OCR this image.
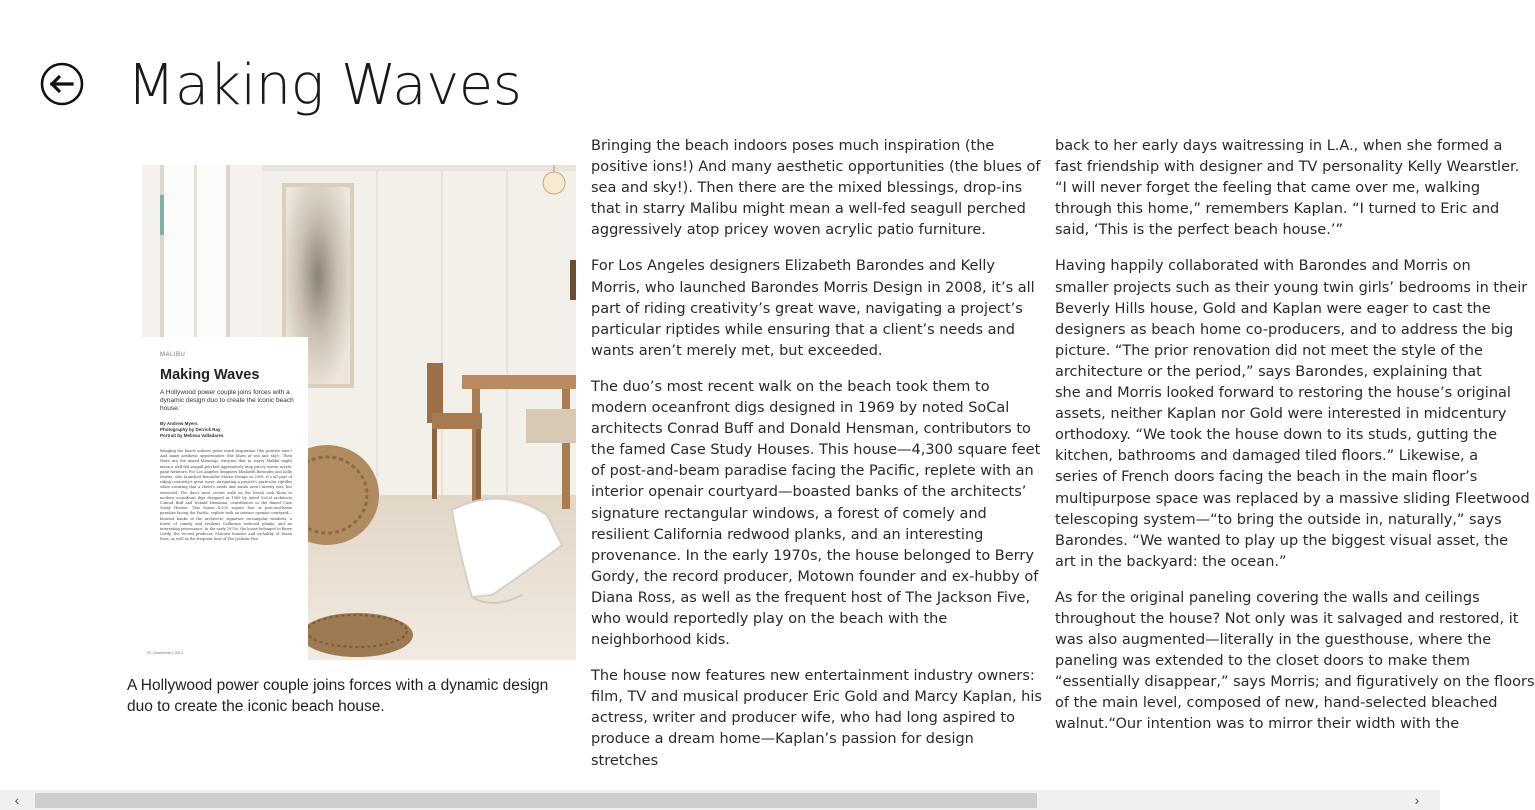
Making Waves
MALIBU
Making Waves
A Hollywood power couple joins forces with a dynamic design duo to create the iconic beach house.
By Andrew Myers
Photography by Derrick Ray
Portrait by Melissa Valladares
Bringing the beach indoors poses much inspiration (the positive ions!) And many aesthetic opportunities (the blues of sea and sky!). Then there are the mixed blessings, drop-ins that in starry Malibu might mean a well-fed seagull perched aggressively atop pricey woven acrylic patio furniture. For Los Angeles designers Elizabeth Barondes and Kelly Morris, who launched Barondes Morris Design in 2008, it's all part of riding creativity's great wave, navigating a project's particular riptides while ensuring that a client's needs and wants aren't merely met, but exceeded. The duo's most recent walk on the beach took them to modern oceanfront digs designed in 1969 by noted SoCal architects Conrad Buff and Donald Hensman, contributors to the famed Case Study Houses. This house—4,300 square feet of post-and-beam paradise facing the Pacific, replete with an interior openair courtyard—boasted banks of the architects' signature rectangular windows, a forest of comely and resilient California redwood planks, and an interesting provenance. In the early 1970s, the house belonged to Berry Gordy, the record producer, Motown founder and ex-hubby of Diana Ross, as well as the frequent host of The Jackson Five.
76 | luxehome | 2014
A Hollywood power couple joins forces with a dynamic design duo to create the iconic beach house.

Bringing the beach indoors poses much inspiration (the positive ions!) And many aesthetic opportunities (the blues of sea and sky!). Then there are the mixed blessings, drop-ins that in starry Malibu might mean a well-fed seagull perched aggressively atop pricey woven acrylic patio furniture.

For Los Angeles designers Elizabeth Barondes and Kelly Morris, who launched Barondes Morris Design in 2008, it’s all part of riding creativity’s great wave, navigating a project’s particular riptides while ensuring that a client’s needs and wants aren’t merely met, but exceeded.

The duo’s most recent walk on the beach took them to modern oceanfront digs designed in 1969 by noted SoCal architects Conrad Buff and Donald Hensman, contributors to the famed Case Study Houses. This house—4,300 square feet of post-and-beam paradise facing the Pacific, replete with an interior openair courtyard—boasted banks of the architects’ signature rectangular windows, a forest of comely and resilient California redwood planks, and an interesting provenance. In the early 1970s, the house belonged to Berry Gordy, the record producer, Motown founder and ex-hubby of Diana Ross, as well as the frequent host of The Jackson Five, who would reportedly play on the beach with the neighborhood kids.

The house now features new entertainment industry owners: film, TV and musical producer Eric Gold and Marcy Kaplan, his actress, writer and producer wife, who had long aspired to produce a dream home—Kaplan’s passion for design stretches

back to her early days waitressing in L.A., when she formed a
fast friendship with designer and TV personality Kelly Wearstler.
“I will never forget the feeling that came over me, walking
through this home,” remembers Kaplan. “I turned to Eric and
said, ‘This is the perfect beach house.’”

Having happily collaborated with Barondes and Morris on
smaller projects such as their young twin girls’ bedrooms in their
Beverly Hills house, Gold and Kaplan were eager to cast the
designers as beach home co-producers, and to address the big
picture. “The prior renovation did not meet the style of the
architecture or the period,” says Barondes, explaining that
she and Morris looked forward to restoring the house’s original
assets, neither Kaplan nor Gold were interested in midcentury
orthodoxy. “We took the house down to its studs, gutting the
kitchen, bathrooms and damaged tiled floors.” Likewise, a
series of French doors facing the beach in the main floor’s
multipurpose space was replaced by a massive sliding Fleetwood
telescoping system—“to bring the outside in, naturally,” says
Barondes. “We wanted to play up the biggest visual asset, the
art in the backyard: the ocean.”

As for the original paneling covering the walls and ceilings
throughout the house? Not only was it salvaged and restored, it
was also augmented—literally in the guesthouse, where the
paneling was extended to the closet doors to make them
“essentially disappear,” says Morris; and figuratively on the floors
of the main level, composed of new, hand-selected bleached
walnut.“Our intention was to mirror their width with the

‹	›
